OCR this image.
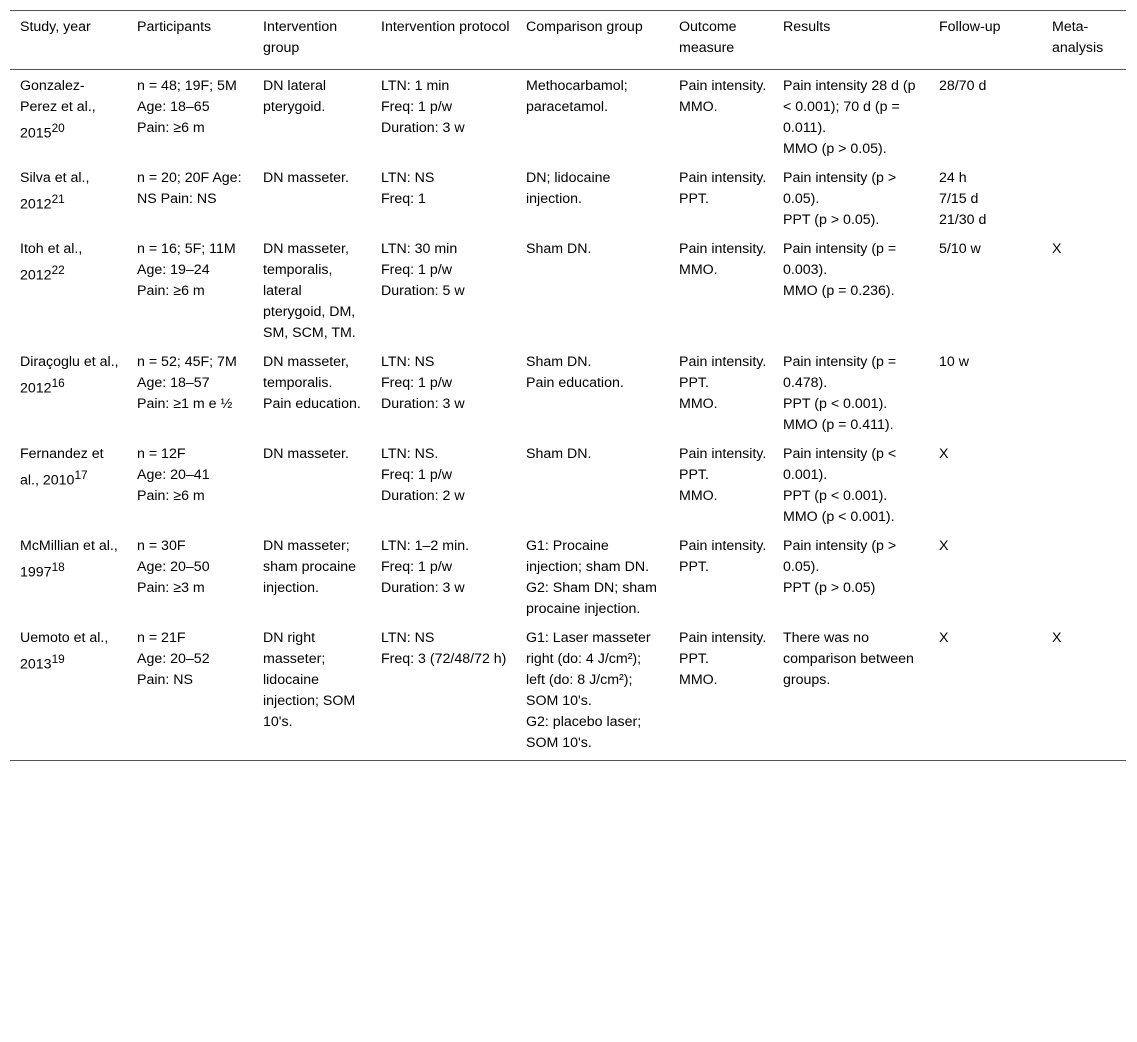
Study, year	Participants	Intervention group	Intervention protocol	Comparison group	Outcome measure	Results	Follow-up	Meta-analysis
Gonzalez-Perez et al., 2015$^{20}$	n = 48; 19F; 5M
Age: 18–65
Pain: ≥6 m	DN lateral pterygoid.	LTN: 1 min
Freq: 1 p/w
Duration: 3 w	Methocarbamol; paracetamol.	Pain intensity.
MMO.	Pain intensity 28 d (p < 0.001); 70 d (p = 0.011).
MMO (p > 0.05).	28/70 d	
Silva et al., 2012$^{21}$	n = 20; 20F Age: NS Pain: NS	DN masseter.	LTN: NS
Freq: 1	DN; lidocaine injection.	Pain intensity.
PPT.	Pain intensity (p > 0.05).
PPT (p > 0.05).	24 h
7/15 d
21/30 d	
Itoh et al., 2012$^{22}$	n = 16; 5F; 11M
Age: 19–24
Pain: ≥6 m	DN masseter, temporalis, lateral pterygoid, DM, SM, SCM, TM.	LTN: 30 min
Freq: 1 p/w
Duration: 5 w	Sham DN.	Pain intensity.
MMO.	Pain intensity (p = 0.003).
MMO (p = 0.236).	5/10 w	X
Diraçoglu et al., 2012$^{16}$	n = 52; 45F; 7M
Age: 18–57
Pain: ≥1 m e ½	DN masseter, temporalis.
Pain education.	LTN: NS
Freq: 1 p/w
Duration: 3 w	Sham DN.
Pain education.	Pain intensity.
PPT.
MMO.	Pain intensity (p = 0.478).
PPT (p < 0.001).
MMO (p = 0.411).	10 w	
Fernandez et al., 2010$^{17}$	n = 12F
Age: 20–41
Pain: ≥6 m	DN masseter.	LTN: NS.
Freq: 1 p/w
Duration: 2 w	Sham DN.	Pain intensity.
PPT.
MMO.	Pain intensity (p < 0.001).
PPT (p < 0.001).
MMO (p < 0.001).	X	
McMillian et al., 1997$^{18}$	n = 30F
Age: 20–50
Pain: ≥3 m	DN masseter; sham procaine injection.	LTN: 1–2 min.
Freq: 1 p/w
Duration: 3 w	G1: Procaine injection; sham DN.
G2: Sham DN; sham procaine injection.	Pain intensity.
PPT.	Pain intensity (p > 0.05).
PPT (p > 0.05)	X	
Uemoto et al., 2013$^{19}$	n = 21F
Age: 20–52
Pain: NS	DN right masseter; lidocaine injection; SOM 10's.	LTN: NS
Freq: 3 (72/48/72 h)	G1: Laser masseter right (do: 4 J/cm²); left (do: 8 J/cm²); SOM 10's.
G2: placebo laser; SOM 10's.	Pain intensity.
PPT.
MMO.	There was no comparison between groups.	X	X
